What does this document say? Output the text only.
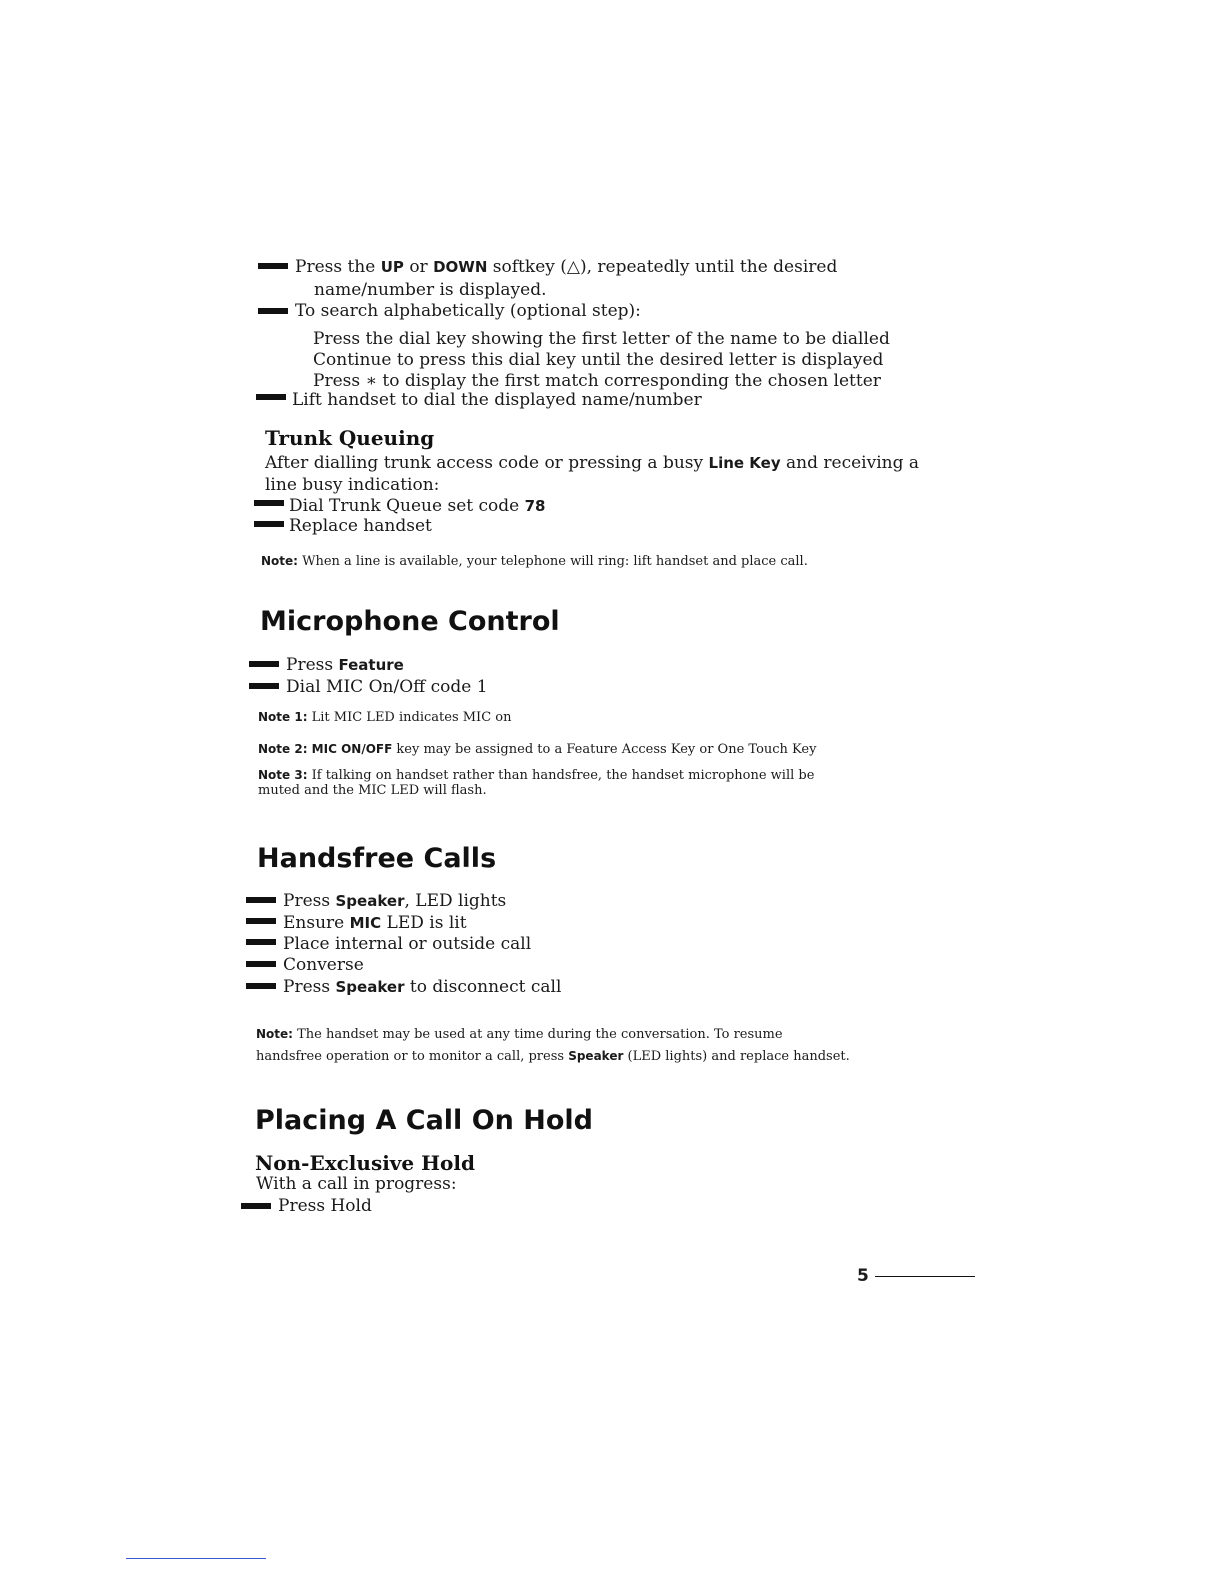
Press the UP or DOWN softkey (△), repeatedly until the desired
name/number is displayed.
To search alphabetically (optional step):
Press the dial key showing the first letter of the name to be dialled
Continue to press this dial key until the desired letter is displayed
Press ∗ to display the first match corresponding the chosen letter
Lift handset to dial the displayed name/number
Trunk Queuing
After dialling trunk access code or pressing a busy Line Key and receiving a
line busy indication:
Dial Trunk Queue set code 78
Replace handset
Note: When a line is available, your telephone will ring: lift handset and place call.
Microphone Control
Press Feature
Dial MIC On/Off code 1
Note 1: Lit MIC LED indicates MIC on
Note 2: MIC ON/OFF key may be assigned to a Feature Access Key or One Touch Key
Note 3: If talking on handset rather than handsfree, the handset microphone will be
muted and the MIC LED will flash.
Handsfree Calls
Press Speaker, LED lights
Ensure MIC LED is lit
Place internal or outside call
Converse
Press Speaker to disconnect call
Note: The handset may be used at any time during the conversation. To resume
handsfree operation or to monitor a call, press Speaker (LED lights) and replace handset.
Placing A Call On Hold
Non-Exclusive Hold
With a call in progress:
Press Hold
5
